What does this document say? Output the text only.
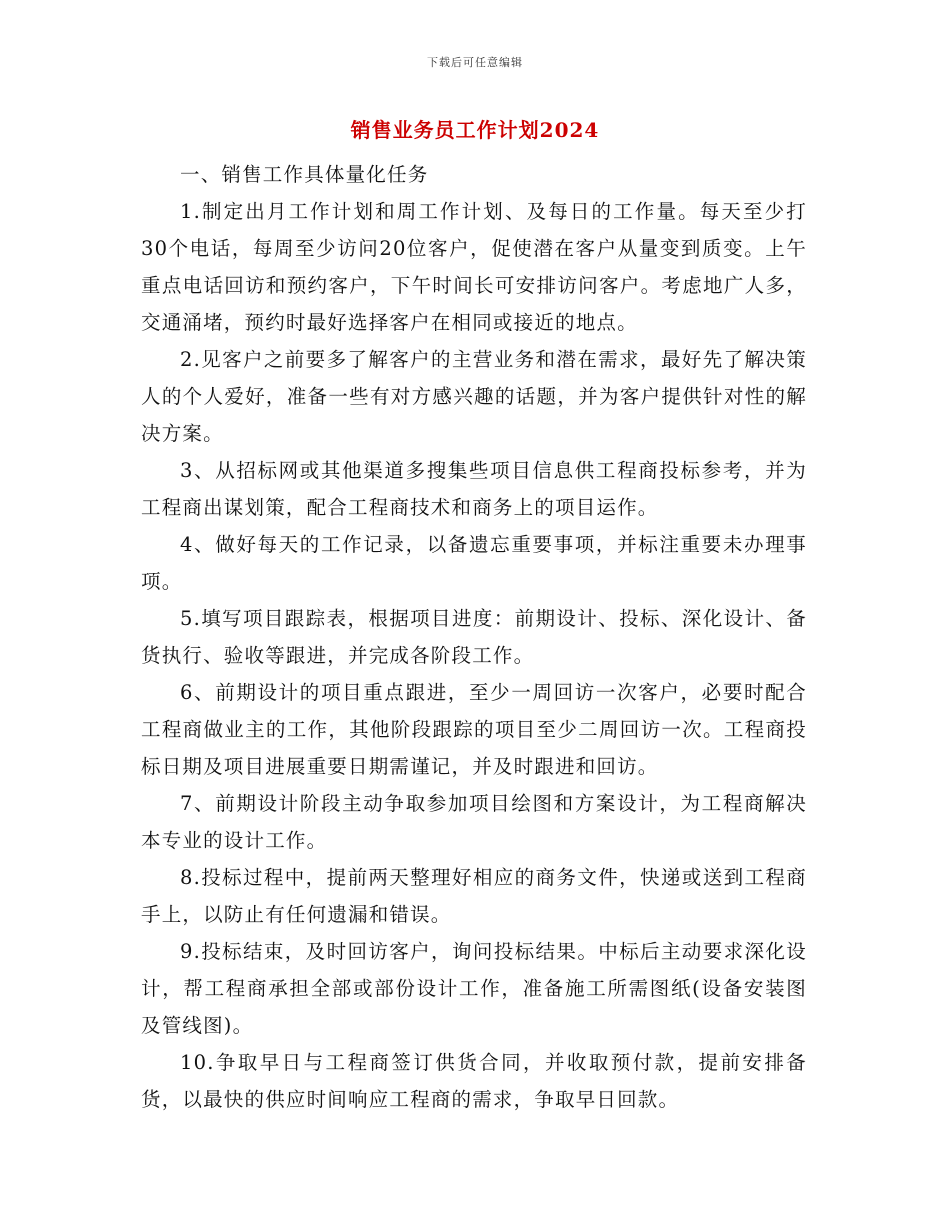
下载后可任意编辑
销售业务员工作计划2024

一、销售工作具体量化任务

1.制定出月工作计划和周工作计划、及每日的工作量。每天至少打30个电话，每周至少访问20位客户，促使潜在客户从量变到质变。上午重点电话回访和预约客户，下午时间长可安排访问客户。考虑地广人多，交通涌堵，预约时最好选择客户在相同或接近的地点。

2.见客户之前要多了解客户的主营业务和潜在需求，最好先了解决策人的个人爱好，准备一些有对方感兴趣的话题，并为客户提供针对性的解决方案。

3、从招标网或其他渠道多搜集些项目信息供工程商投标参考，并为工程商出谋划策，配合工程商技术和商务上的项目运作。

4、做好每天的工作记录，以备遗忘重要事项，并标注重要未办理事项。

5.填写项目跟踪表，根据项目进度：前期设计、投标、深化设计、备货执行、验收等跟进，并完成各阶段工作。

6、前期设计的项目重点跟进，至少一周回访一次客户，必要时配合工程商做业主的工作，其他阶段跟踪的项目至少二周回访一次。工程商投标日期及项目进展重要日期需谨记，并及时跟进和回访。

7、前期设计阶段主动争取参加项目绘图和方案设计，为工程商解决本专业的设计工作。

8.投标过程中，提前两天整理好相应的商务文件，快递或送到工程商手上，以防止有任何遗漏和错误。

9.投标结束，及时回访客户，询问投标结果。中标后主动要求深化设计，帮工程商承担全部或部份设计工作，准备施工所需图纸(设备安装图及管线图)。

10.争取早日与工程商签订供货合同，并收取预付款，提前安排备货，以最快的供应时间响应工程商的需求，争取早日回款。
